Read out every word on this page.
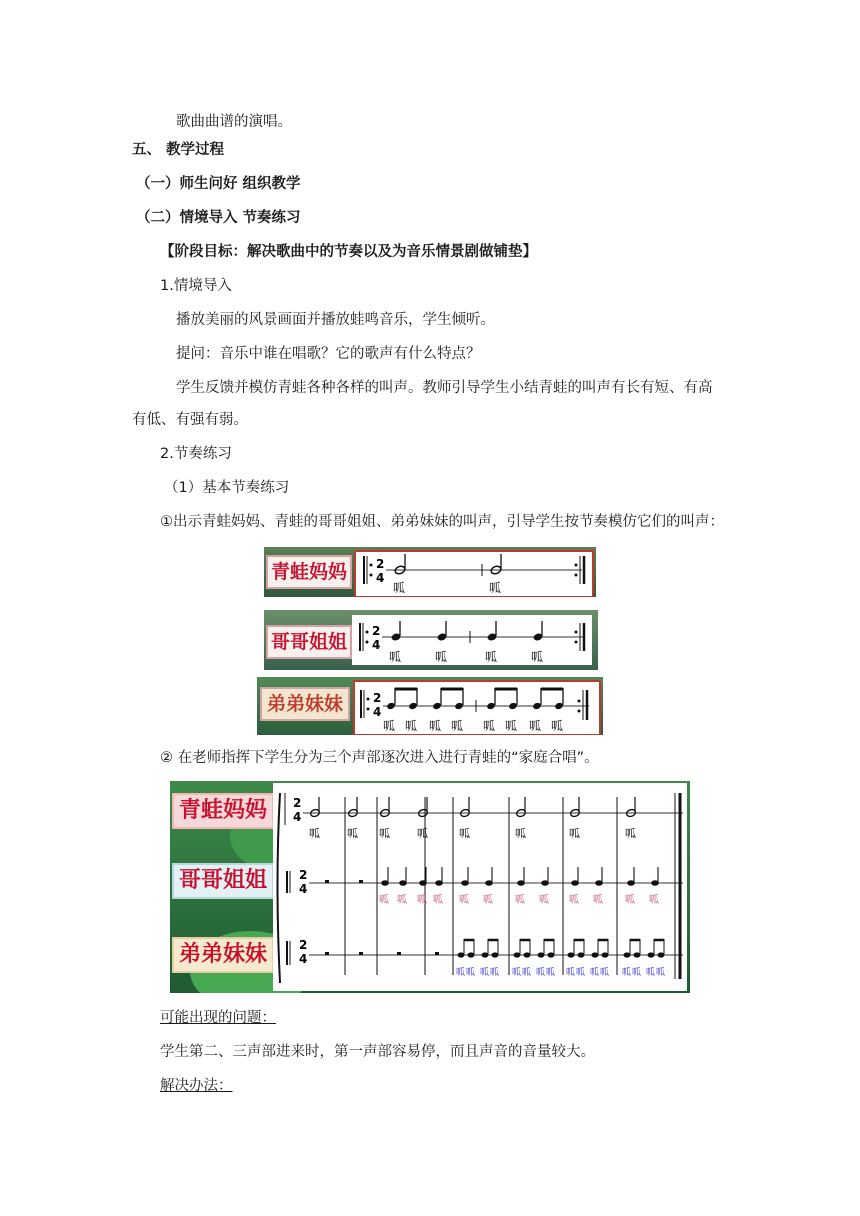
歌曲曲谱的演唱。
五、 教学过程
（一）师生问好 组织教学
（二）情境导入 节奏练习
【阶段目标：解决歌曲中的节奏以及为音乐情景剧做铺垫】
1.情境导入
播放美丽的风景画面并播放蛙鸣音乐，学生倾听。
提问：音乐中谁在唱歌？它的歌声有什么特点？
学生反馈并模仿青蛙各种各样的叫声。教师引导学生小结青蛙的叫声有长有短、有高
有低、有强有弱。
2.节奏练习
（1）基本节奏练习
①出示青蛙妈妈、青蛙的哥哥姐姐、弟弟妹妹的叫声，引导学生按节奏模仿它们的叫声：
青蛙妈妈	2
4
呱	呱
哥哥姐姐	2
4
呱	呱	呱	呱
弟弟妹妹	2
4
呱 呱 呱 呱 呱 呱 呱 呱
② 在老师指挥下学生分为三个声部逐次进入进行青蛙的“家庭合唱”。
青蛙妈妈
哥哥姐姐
弟弟妹妹
2
4
2
4
2
4
呱 呱 呱 呱	呱	呱	呱	呱
呱 呱 呱 呱 呱 呱 呱 呱 呱 呱 呱 呱
呱 呱 呱 呱 呱 呱 呱 呱 呱 呱 呱 呱 呱 呱 呱 呱
可能出现的问题：
学生第二、三声部进来时，第一声部容易停，而且声音的音量较大。
解决办法：
